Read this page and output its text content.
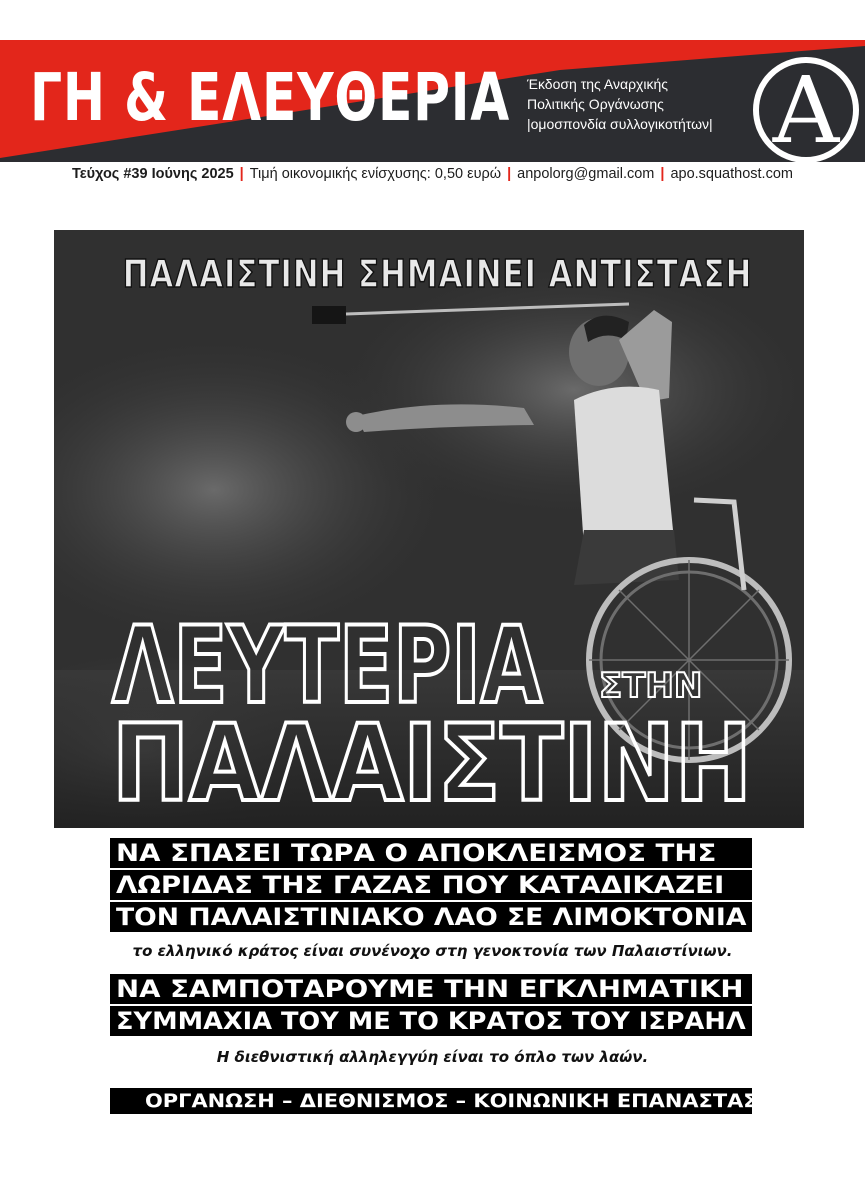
ΓΗ & ΕΛΕΥΘΕΡΙΑ Έκδοση της Αναρχικής
Πολιτικής Οργάνωσης
|ομοσπονδία συλλογικοτήτων| A
Τεύχος #39 Ιούνης 2025 | Τιμή οικονομικής ενίσχυσης: 0,50 ευρώ | anpolorg@gmail.com | apo.squathost.com
ΠΑΛΑΙΣΤΙΝΗ ΣΗΜΑΙΝΕΙ ΑΝΤΙΣΤΑΣΗ
ΛΕΥΤΕΡΙΑ ΣΤΗΝ
ΠΑΛΑΙΣΤΙΝΗ
ΝΑ ΣΠΑΣΕΙ ΤΩΡΑ Ο ΑΠΟΚΛΕΙΣΜΟΣ ΤΗΣ
ΛΩΡΙΔΑΣ ΤΗΣ ΓΑΖΑΣ ΠΟΥ ΚΑΤΑΔΙΚΑΖΕΙ
ΤΟΝ ΠΑΛΑΙΣΤΙΝΙΑΚΟ ΛΑΟ ΣΕ ΛΙΜΟΚΤΟΝΙΑ
το ελληνικό κράτος είναι συνένοχο στη γενοκτονία των Παλαιστίνιων.
ΝΑ ΣΑΜΠΟΤΑΡΟΥΜΕ ΤΗΝ ΕΓΚΛΗΜΑΤΙΚΗ
ΣΥΜΜΑΧΙΑ ΤΟΥ ΜΕ ΤΟ ΚΡΑΤΟΣ ΤΟΥ ΙΣΡΑΗΛ
Η διεθνιστική αλληλεγγύη είναι το όπλο των λαών.
ΟΡΓΑΝΩΣΗ – ΔΙΕΘΝΙΣΜΟΣ – ΚΟΙΝΩΝΙΚΗ ΕΠΑΝΑΣΤΑΣΗ
